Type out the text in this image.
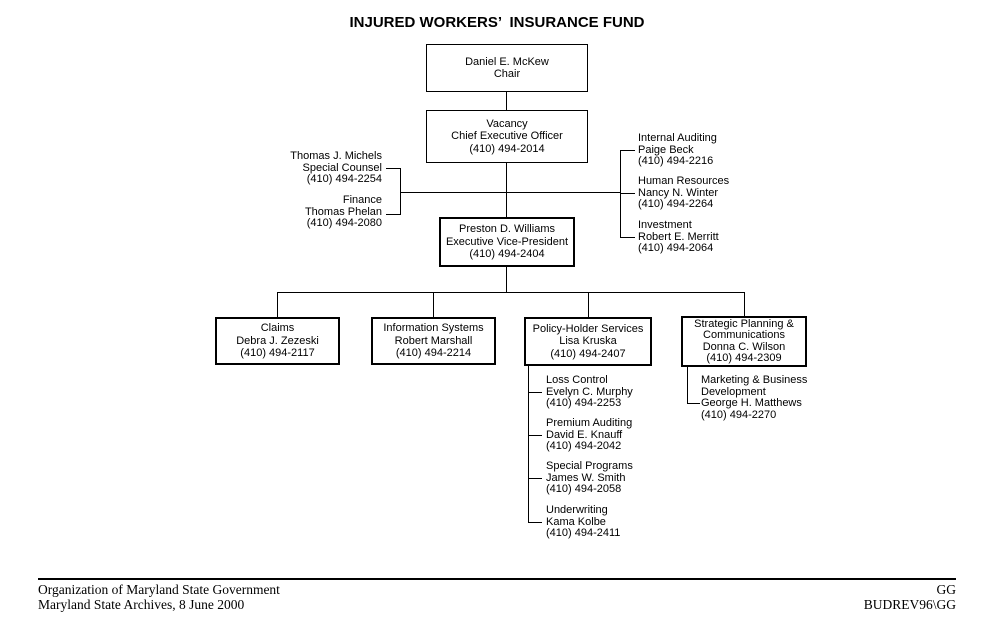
INJURED WORKERS’  INSURANCE FUND
Daniel E. McKew
Chair
Vacancy
Chief Executive Officer
(410) 494-2014
Preston D. Williams
Executive Vice-President
(410) 494-2404
Claims
Debra J. Zezeski
(410) 494-2117
Information Systems
Robert Marshall
(410) 494-2214
Policy-Holder Services
Lisa Kruska
(410) 494-2407
Strategic Planning &
Communications
Donna C. Wilson
(410) 494-2309
Thomas J. Michels
Special Counsel
(410) 494-2254
Finance
Thomas Phelan
(410) 494-2080
Internal Auditing
Paige Beck
(410) 494-2216
Human Resources
Nancy N. Winter
(410) 494-2264
Investment
Robert E. Merritt
(410) 494-2064
Loss Control
Evelyn C. Murphy
(410) 494-2253
Premium Auditing
David E. Knauff
(410) 494-2042
Special Programs
James W. Smith
(410) 494-2058
Underwriting
Kama Kolbe
(410) 494-2411
Marketing & Business
Development
George H. Matthews
(410) 494-2270
Organization of Maryland State Government
Maryland State Archives, 8 June 2000
GG
BUDREV96\GG
